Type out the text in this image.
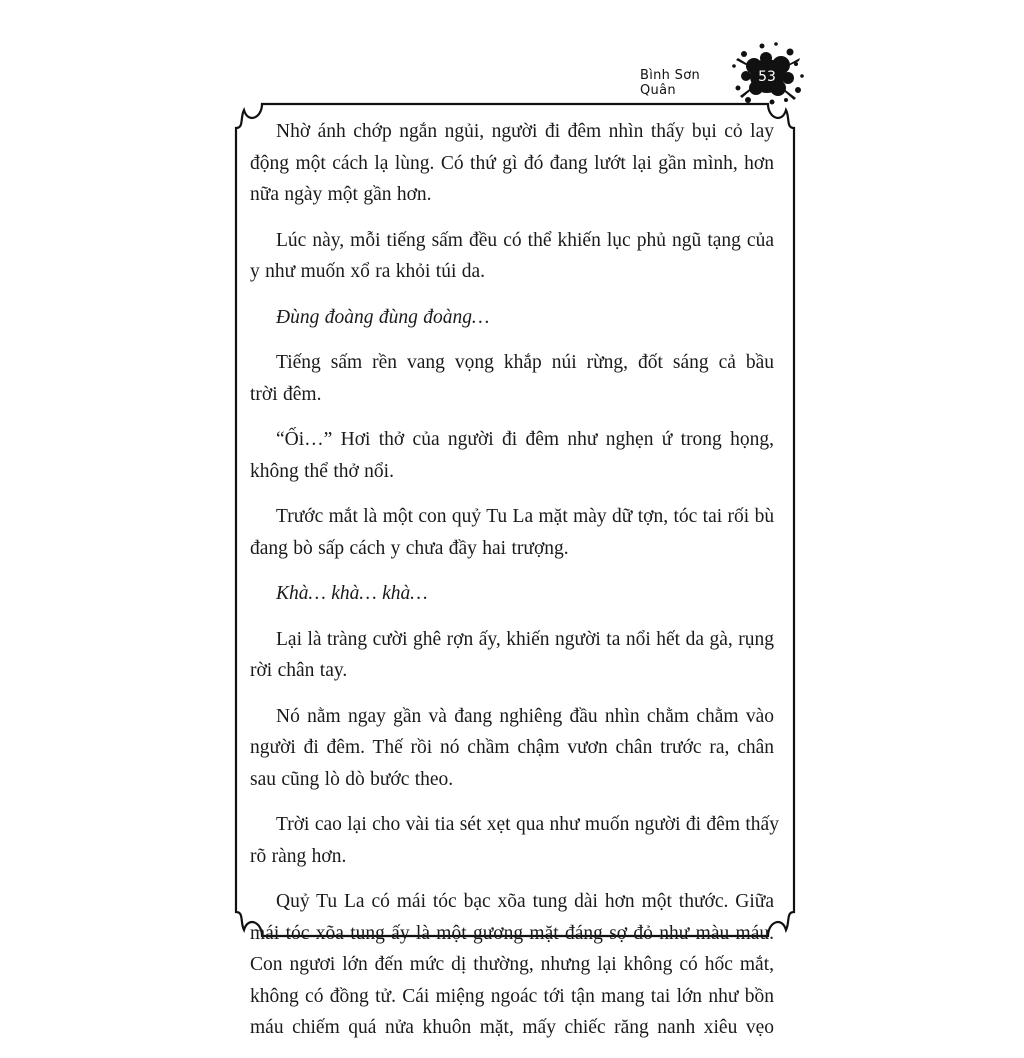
Bình Sơn Quân
53

Nhờ ánh chớp ngắn ngủi, người đi đêm nhìn thấy bụi cỏ lay
động một cách lạ lùng. Có thứ gì đó đang lướt lại gần mình, hơn
nữa ngày một gần hơn.

Lúc này, mỗi tiếng sấm đều có thể khiến lục phủ ngũ tạng của
y như muốn xổ ra khỏi túi da.

Đùng đoàng đùng đoàng…

Tiếng sấm rền vang vọng khắp núi rừng, đốt sáng cả bầu
trời đêm.

“Ối…” Hơi thở của người đi đêm như nghẹn ứ trong họng,
không thể thở nổi.

Trước mắt là một con quỷ Tu La mặt mày dữ tợn, tóc tai rối bù
đang bò sấp cách y chưa đầy hai trượng.

Khà… khà… khà…

Lại là tràng cười ghê rợn ấy, khiến người ta nổi hết da gà, rụng
rời chân tay.

Nó nằm ngay gần và đang nghiêng đầu nhìn chằm chằm vào
người đi đêm. Thế rồi nó chầm chậm vươn chân trước ra, chân
sau cũng lò dò bước theo.

Trời cao lại cho vài tia sét xẹt qua như muốn người đi đêm thấy
rõ ràng hơn.

Quỷ Tu La có mái tóc bạc xõa tung dài hơn một thước. Giữa
mái tóc xõa tung ấy là một gương mặt đáng sợ đỏ như màu máu.
Con ngươi lớn đến mức dị thường, nhưng lại không có hốc mắt,
không có đồng tử. Cái miệng ngoác tới tận mang tai lớn như bồn
máu chiếm quá nửa khuôn mặt, mấy chiếc răng nanh xiêu vẹo
